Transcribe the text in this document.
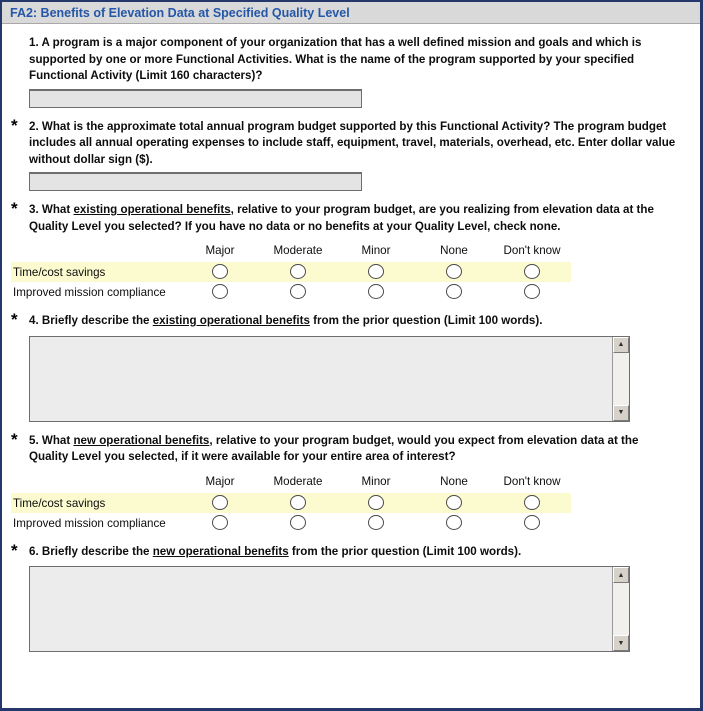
FA2: Benefits of Elevation Data at Specified Quality Level
1. A program is a major component of your organization that has a well defined mission and goals and which is supported by one or more Functional Activities. What is the name of the program supported by your specified Functional Activity (Limit 160 characters)?
* 2. What is the approximate total annual program budget supported by this Functional Activity? The program budget includes all annual operating expenses to include staff, equipment, travel, materials, overhead, etc. Enter dollar value without dollar sign ($).
* 3. What existing operational benefits, relative to your program budget, are you realizing from elevation data at the Quality Level you selected? If you have no data or no benefits at your Quality Level, check none.
Major	Moderate	Minor	None	Don't know
Time/cost savings
Improved mission compliance
* 4. Briefly describe the existing operational benefits from the prior question (Limit 100 words).
▲
▼
* 5. What new operational benefits, relative to your program budget, would you expect from elevation data at the Quality Level you selected, if it were available for your entire area of interest?
Major	Moderate	Minor	None	Don't know
Time/cost savings
Improved mission compliance
* 6. Briefly describe the new operational benefits from the prior question (Limit 100 words).
▲
▼
